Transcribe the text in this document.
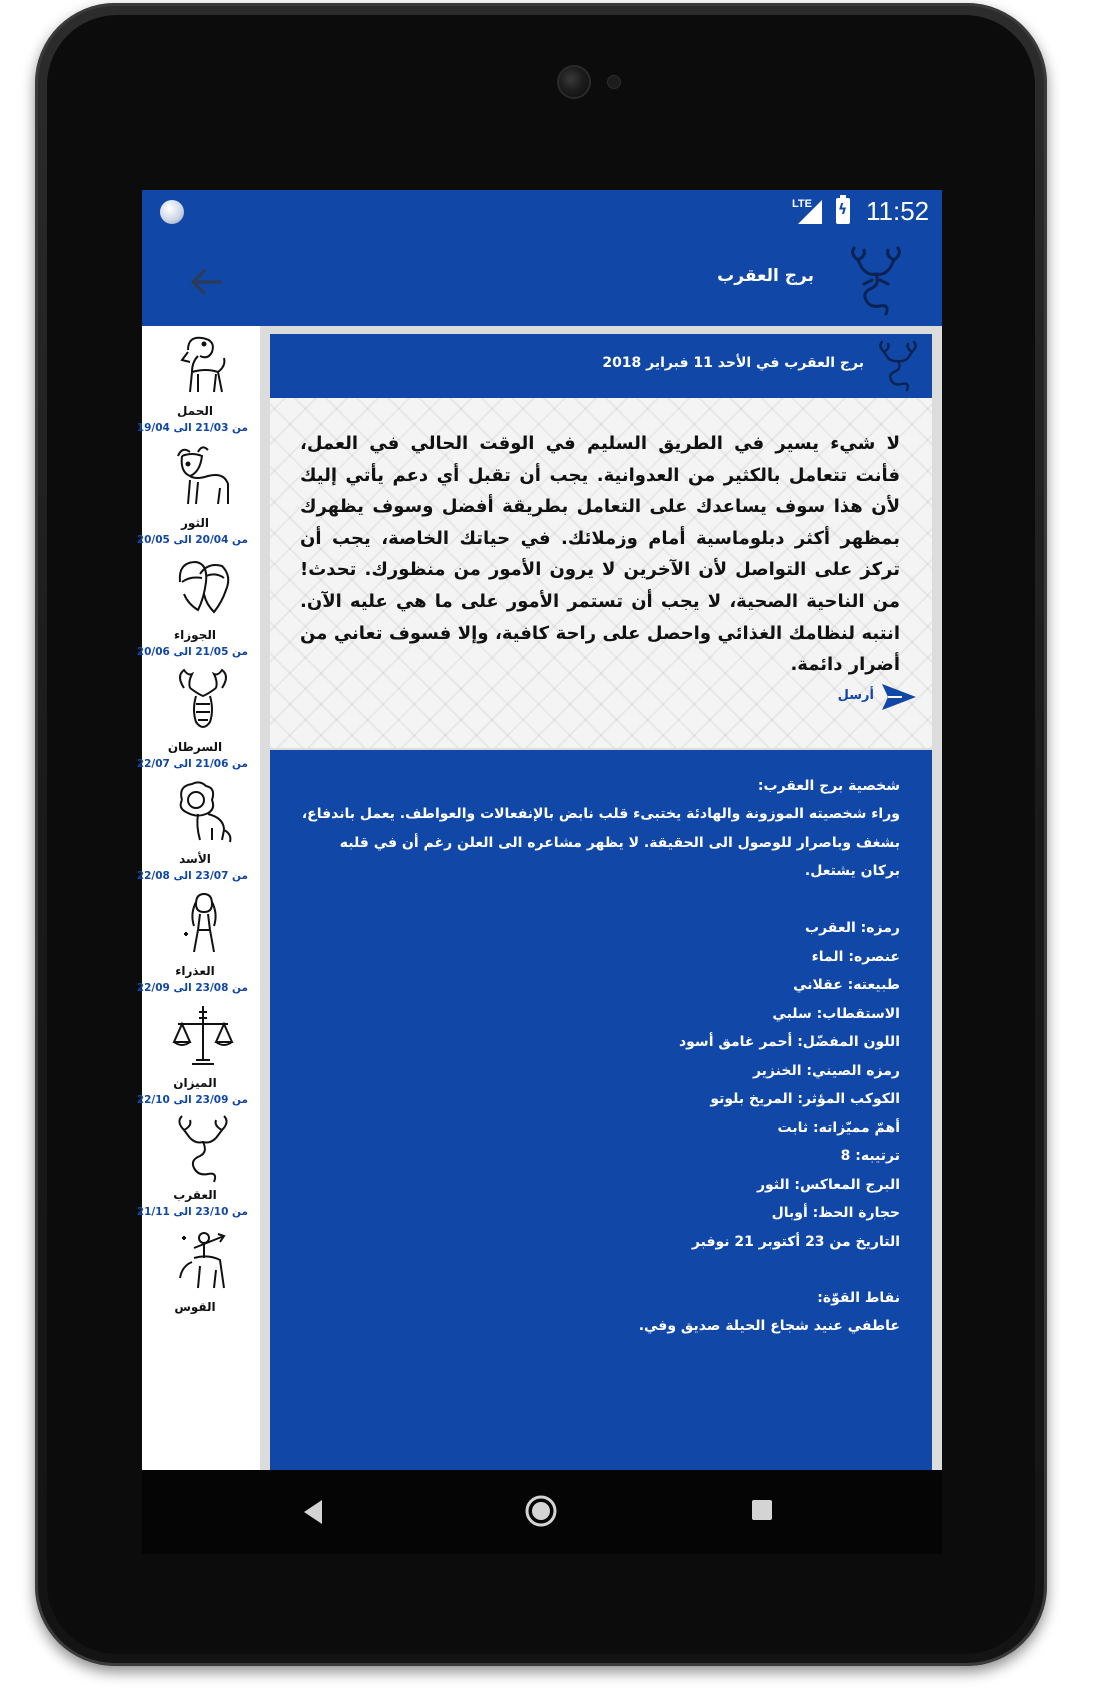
LTE ϟ 11:52
برج العقرب
الحمل
من 21/03 الى 19/04
الثور
من 20/04 الى 20/05
الجوزاء
من 21/05 الى 20/06
السرطان
من 21/06 الى 22/07
الأسد
من 23/07 الى 22/08
العذراء
من 23/08 الى 22/09
الميزان
من 23/09 الى 22/10
العقرب
من 23/10 الى 21/11
القوس
برج العقرب في الأحد 11 فبراير 2018

لا شيء يسير في الطريق السليم في الوقت الحالي في العمل، فأنت تتعامل بالكثير من العدوانية. يجب أن تقبل أي دعم يأتي إليك لأن هذا سوف يساعدك على التعامل بطريقة أفضل وسوف يظهرك بمظهر أكثر دبلوماسية أمام وزملائك. في حياتك الخاصة، يجب أن تركز على التواصل لأن الآخرين لا يرون الأمور من منظورك. تحدث! من الناحية الصحية، لا يجب أن تستمر الأمور على ما هي عليه الآن. انتبه لنظامك الغذائي واحصل على راحة كافية، وإلا فسوف تعاني من أضرار دائمة.

أرسل
شخصية برج العقرب:
وراء شخصيته الموزونة والهادئة يختبىء قلب نابض بالإنفعالات والعواطف. يعمل باندفاع، بشغف وباصرار للوصول الى الحقيقة. لا يظهر مشاعره الى العلن رغم أن في قلبه بركان يشتعل.
رمزه: العقرب
عنصره: الماء
طبيعته: عقلاني
الاستقطاب: سلبي
اللون المفضّل: أحمر غامق أسود
رمزه الصيني: الخنزير
الكوكب المؤثر: المريخ بلوتو
أهمّ مميّزاته: ثابت
ترتيبه: 8
البرج المعاكس: الثور
حجارة الحظ: أوبال
التاريخ من 23 أكتوبر 21 نوفبر
نقاط القوّة:
عاطفي عنيد شجاع الحيلة صديق وفي.
